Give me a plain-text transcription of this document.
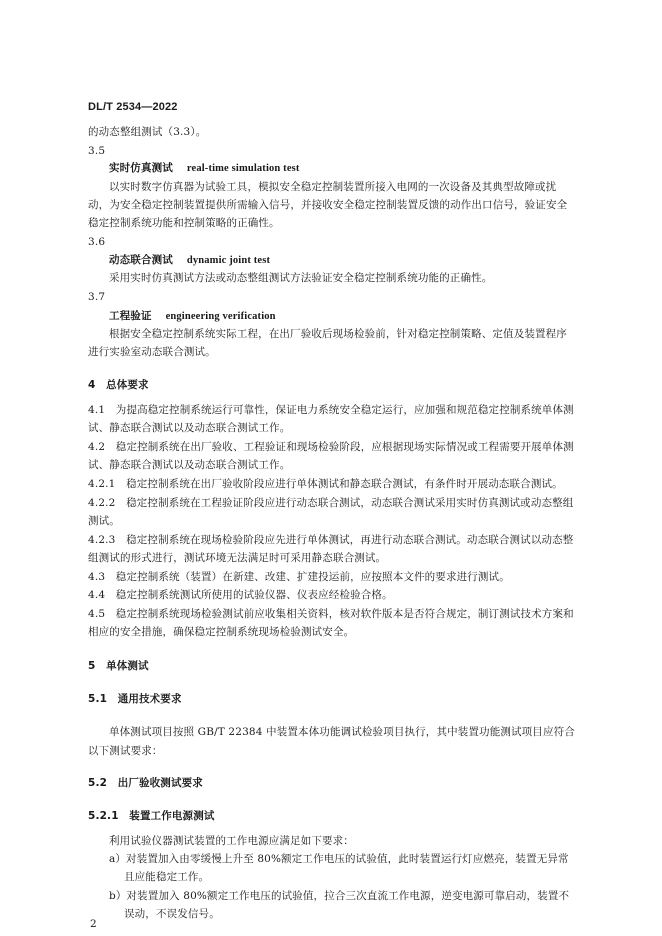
DL/T 2534—2022
的动态整组测试（3.3）。
3.5
实时仿真测试 real-time simulation test
以实时数字仿真器为试验工具，模拟安全稳定控制装置所接入电网的一次设备及其典型故障或扰
动，为安全稳定控制装置提供所需输入信号，并接收安全稳定控制装置反馈的动作出口信号，验证安全
稳定控制系统功能和控制策略的正确性。
3.6
动态联合测试 dynamic joint test
采用实时仿真测试方法或动态整组测试方法验证安全稳定控制系统功能的正确性。
3.7
工程验证 engineering verification
根据安全稳定控制系统实际工程，在出厂验收后现场检验前，针对稳定控制策略、定值及装置程序
进行实验室动态联合测试。
4　总体要求
4.1　为提高稳定控制系统运行可靠性，保证电力系统安全稳定运行，应加强和规范稳定控制系统单体测
试、静态联合测试以及动态联合测试工作。
4.2　稳定控制系统在出厂验收、工程验证和现场检验阶段，应根据现场实际情况或工程需要开展单体测
试、静态联合测试以及动态联合测试工作。
4.2.1　稳定控制系统在出厂验收阶段应进行单体测试和静态联合测试，有条件时开展动态联合测试。
4.2.2　稳定控制系统在工程验证阶段应进行动态联合测试，动态联合测试采用实时仿真测试或动态整组
测试。
4.2.3　稳定控制系统在现场检验阶段应先进行单体测试，再进行动态联合测试。动态联合测试以动态整
组测试的形式进行，测试环境无法满足时可采用静态联合测试。
4.3　稳定控制系统（装置）在新建、改建、扩建投运前，应按照本文件的要求进行测试。
4.4　稳定控制系统测试所使用的试验仪器、仪表应经检验合格。
4.5　稳定控制系统现场检验测试前应收集相关资料，核对软件版本是否符合规定，制订测试技术方案和
相应的安全措施，确保稳定控制系统现场检验测试安全。
5　单体测试
5.1　通用技术要求
单体测试项目按照 GB/T 22384 中装置本体功能调试检验项目执行，其中装置功能测试项目应符合
以下测试要求：
5.2　出厂验收测试要求
5.2.1　装置工作电源测试
利用试验仪器测试装置的工作电源应满足如下要求：
a）对装置加入由零缓慢上升至 80%额定工作电压的试验值，此时装置运行灯应燃亮，装置无异常
且应能稳定工作。
b）对装置加入 80%额定工作电压的试验值，拉合三次直流工作电源，逆变电源可靠启动，装置不
误动，不误发信号。
2
